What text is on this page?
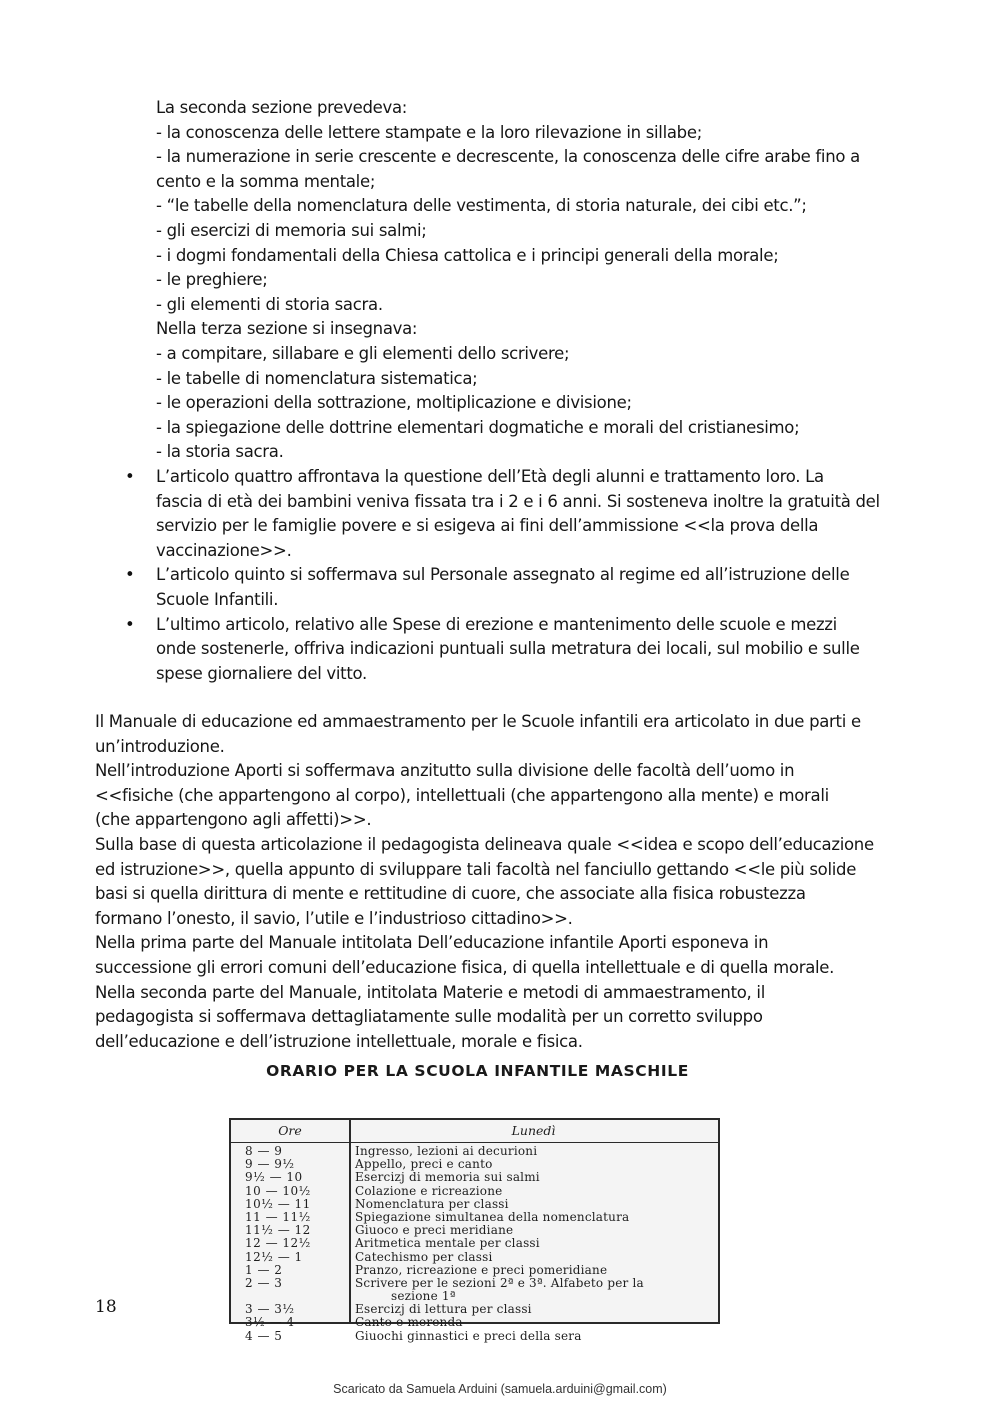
La seconda sezione prevedeva:
- la conoscenza delle lettere stampate e la loro rilevazione in sillabe;
- la numerazione in serie crescente e decrescente, la conoscenza delle cifre arabe fino a
cento e la somma mentale;
- “le tabelle della nomenclatura delle vestimenta, di storia naturale, dei cibi etc.”;
- gli esercizi di memoria sui salmi;
- i dogmi fondamentali della Chiesa cattolica e i principi generali della morale;
- le preghiere;
- gli elementi di storia sacra.
Nella terza sezione si insegnava:
- a compitare, sillabare e gli elementi dello scrivere;
- le tabelle di nomenclatura sistematica;
- le operazioni della sottrazione, moltiplicazione e divisione;
- la spiegazione delle dottrine elementari dogmatiche e morali del cristianesimo;
- la storia sacra.
• L’articolo quattro affrontava la questione dell’Età degli alunni e trattamento loro. La
fascia di età dei bambini veniva fissata tra i 2 e i 6 anni. Si sosteneva inoltre la gratuità del
servizio per le famiglie povere e si esigeva ai fini dell’ammissione <<la prova della
vaccinazione>>.
• L’articolo quinto si soffermava sul Personale assegnato al regime ed all’istruzione delle
Scuole Infantili.
• L’ultimo articolo, relativo alle Spese di erezione e mantenimento delle scuole e mezzi
onde sostenerle, offriva indicazioni puntuali sulla metratura dei locali, sul mobilio e sulle
spese giornaliere del vitto.
Il Manuale di educazione ed ammaestramento per le Scuole infantili era articolato in due parti e
un’introduzione.
Nell’introduzione Aporti si soffermava anzitutto sulla divisione delle facoltà dell’uomo in
<<fisiche (che appartengono al corpo), intellettuali (che appartengono alla mente) e morali
(che appartengono agli affetti)>>.
Sulla base di questa articolazione il pedagogista delineava quale <<idea e scopo dell’educazione
ed istruzione>>, quella appunto di sviluppare tali facoltà nel fanciullo gettando <<le più solide
basi si quella dirittura di mente e rettitudine di cuore, che associate alla fisica robustezza
formano l’onesto, il savio, l’utile e l’industrioso cittadino>>.
Nella prima parte del Manuale intitolata Dell’educazione infantile Aporti esponeva in
successione gli errori comuni dell’educazione fisica, di quella intellettuale e di quella morale.
Nella seconda parte del Manuale, intitolata Materie e metodi di ammaestramento, il
pedagogista si soffermava dettagliatamente sulle modalità per un corretto sviluppo
dell’educazione e dell’istruzione intellettuale, morale e fisica.
ORARIO PER LA SCUOLA INFANTILE MASCHILE
Ore	Lunedì
8 — 9	Ingresso, lezioni ai decurioni
9 — 9½	Appello, preci e canto
9½ — 10	Esercizj di memoria sui salmi
10 — 10½	Colazione e ricreazione
10½ — 11	Nomenclatura per classi
11 — 11½	Spiegazione simultanea della nomenclatura
11½ — 12	Giuoco e preci meridiane
12 — 12½	Aritmetica mentale per classi
12½ — 1	Catechismo per classi
1 — 2	Pranzo, ricreazione e preci pomeridiane
2 — 3	Scrivere per le sezioni 2ª e 3ª. Alfabeto per la
sezione 1ª
3 — 3½	Esercizj di lettura per classi
3½ — 4	Canto e merenda
4 — 5	Giuochi ginnastici e preci della sera
18
Scaricato da Samuela Arduini (samuela.arduini@gmail.com)
